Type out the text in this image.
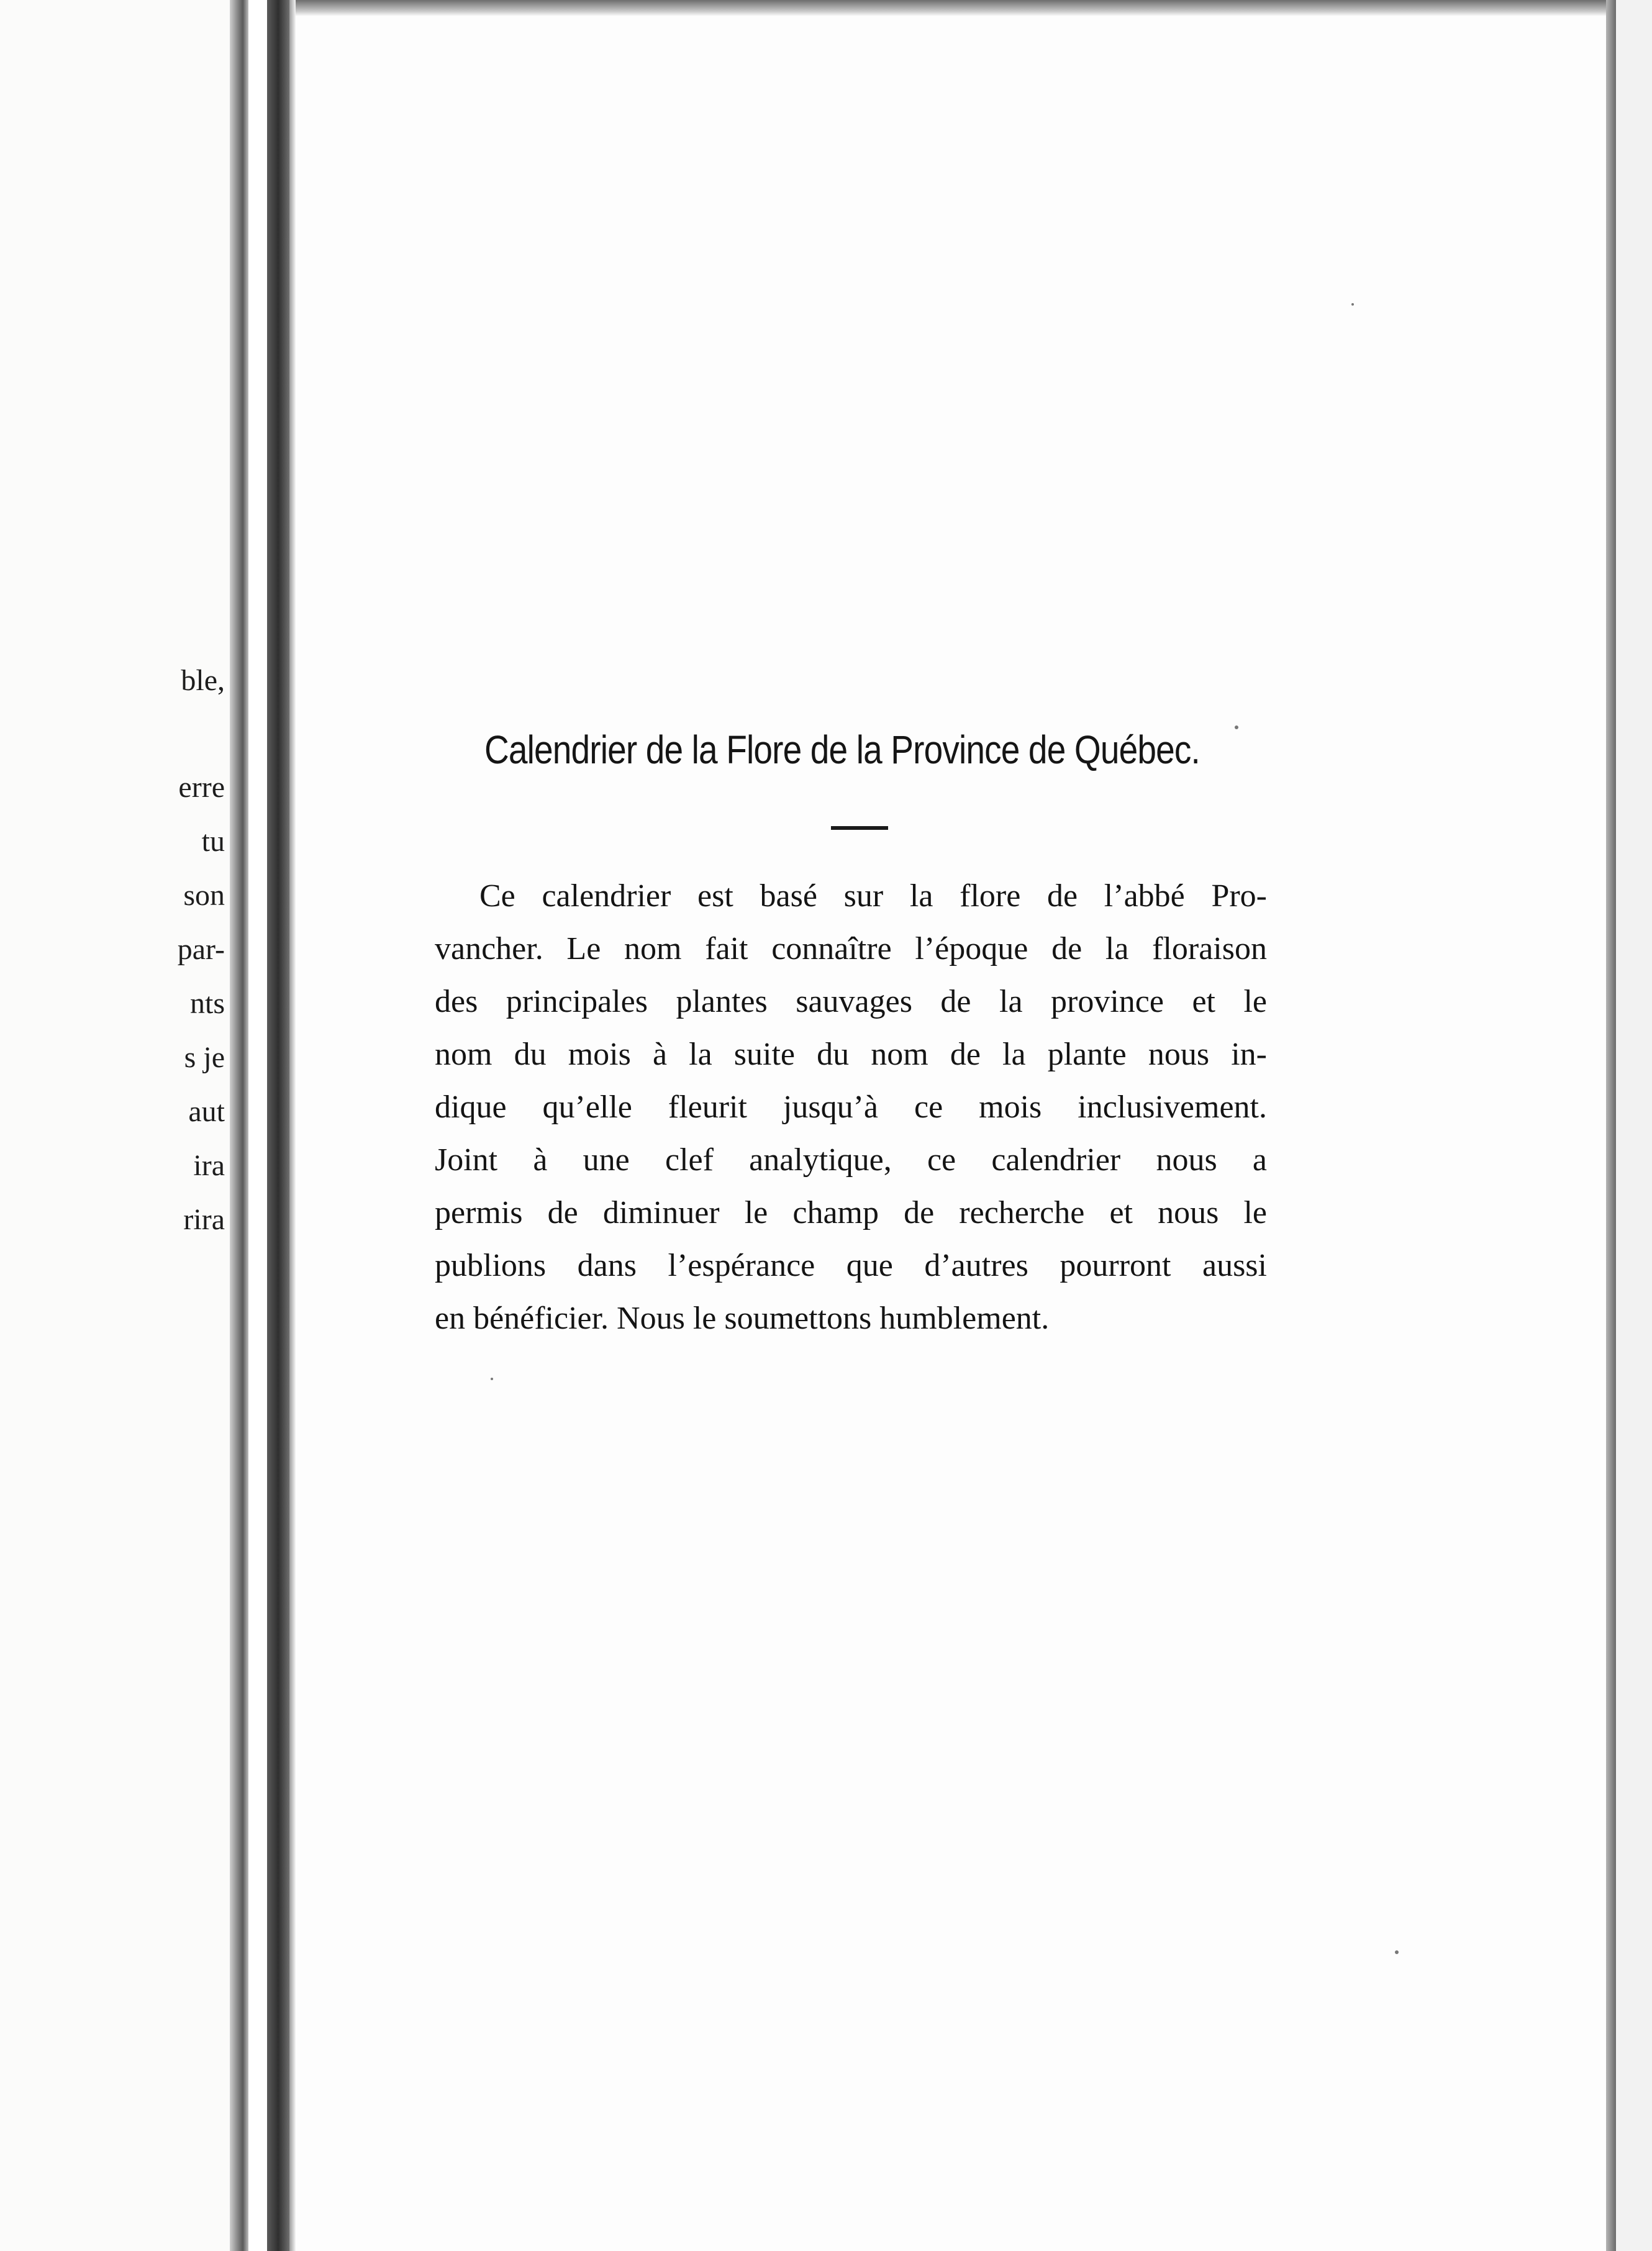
ble,
erre
tu
son
par-
nts
s je
aut
ira
rira
Calendrier de la Flore de la Province de Québec.
Ce calendrier est basé sur la flore de l’abbé Pro-
vancher. Le nom fait connaître l’époque de la floraison
des principales plantes sauvages de la province et le
nom du mois à la suite du nom de la plante nous in-
dique qu’elle fleurit jusqu’à ce mois inclusivement.
Joint à une clef analytique, ce calendrier nous a
permis de diminuer le champ de recherche et nous le
publions dans l’espérance que d’autres pourront aussi
en bénéficier. Nous le soumettons humblement.
